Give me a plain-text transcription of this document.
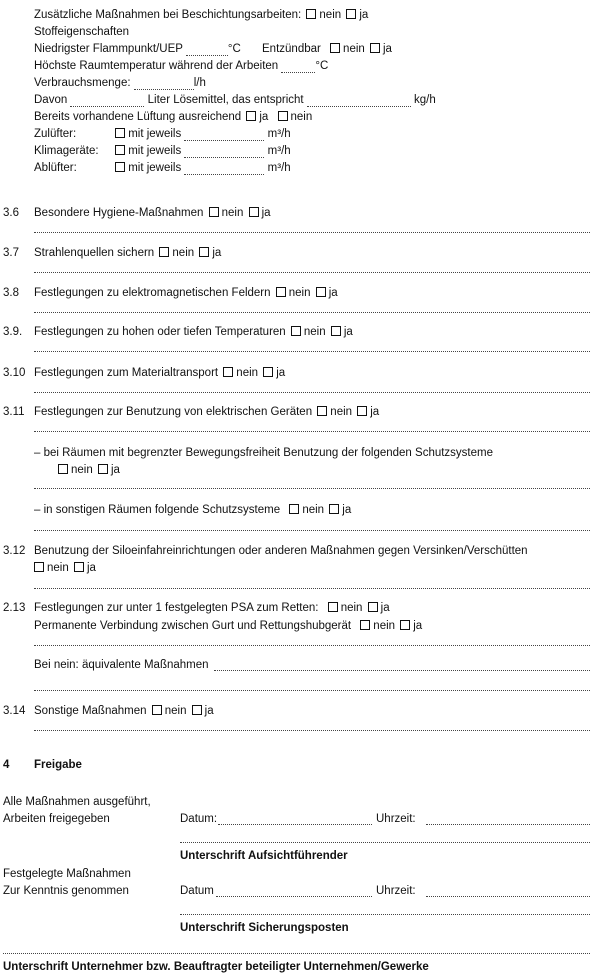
Zusätzliche Maßnahmen bei Beschichtungsarbeiten: nein ja
Stoffeigenschaften
Niedrigster Flammpunkt/UEP	°C Entzündbar nein ja
Höchste Raumtemperatur während der Arbeiten	°C
Verbrauchsmenge:	l/h
Davon	Liter Lösemittel, das entspricht	kg/h
Bereits vorhandene Lüftung ausreichend ja nein
Zulüfter:	mit jeweils	m³/h
Klimageräte:	mit jeweils	m³/h
Ablüfter:	mit jeweils	m³/h
3.6 Besondere Hygiene-Maßnahmen nein ja
3.7 Strahlenquellen sichern nein ja
3.8 Festlegungen zu elektromagnetischen Feldern nein ja
3.9. Festlegungen zu hohen oder tiefen Temperaturen nein ja
3.10 Festlegungen zum Materialtransport nein ja
3.11 Festlegungen zur Benutzung von elektrischen Geräten nein ja
– bei Räumen mit begrenzter Bewegungsfreiheit Benutzung der folgenden Schutzsysteme
nein ja
– in sonstigen Räumen folgende Schutzsysteme nein ja
3.12 Benutzung der Siloeinfahreinrichtungen oder anderen Maßnahmen gegen Versinken/Verschütten
nein ja
2.13 Festlegungen zur unter 1 festgelegten PSA zum Retten: nein ja
Permanente Verbindung zwischen Gurt und Rettungshubgerät nein ja
Bei nein: äquivalente Maßnahmen
3.14 Sonstige Maßnahmen nein ja
4 Freigabe
Alle Maßnahmen ausgeführt,
Arbeiten freigegeben	Datum:	Uhrzeit:
Unterschrift Aufsichtführender
Festgelegte Maßnahmen
Zur Kenntnis genommen	Datum	Uhrzeit:
Unterschrift Sicherungsposten
Unterschrift Unternehmer bzw. Beauftragter beteiligter Unternehmen/Gewerke
